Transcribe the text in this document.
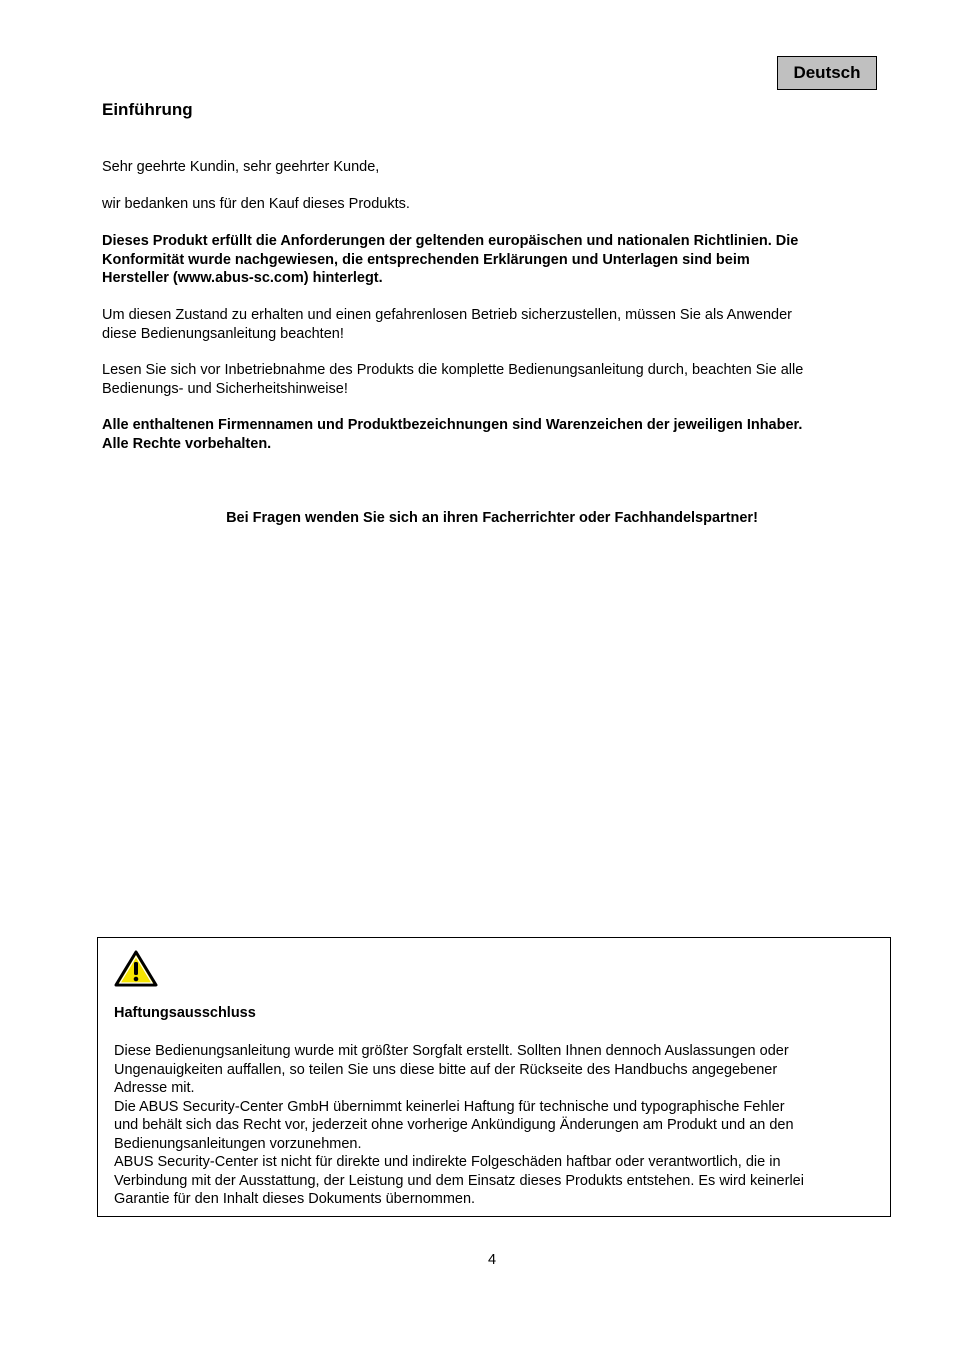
Deutsch
Einführung

Sehr geehrte Kundin, sehr geehrter Kunde,

wir bedanken uns für den Kauf dieses Produkts.

Dieses Produkt erfüllt die Anforderungen der geltenden europäischen und nationalen Richtlinien. Die
Konformität wurde nachgewiesen, die entsprechenden Erklärungen und Unterlagen sind beim
Hersteller (www.abus-sc.com) hinterlegt.

Um diesen Zustand zu erhalten und einen gefahrenlosen Betrieb sicherzustellen, müssen Sie als Anwender
diese Bedienungsanleitung beachten!

Lesen Sie sich vor Inbetriebnahme des Produkts die komplette Bedienungsanleitung durch, beachten Sie alle
Bedienungs- und Sicherheitshinweise!

Alle enthaltenen Firmennamen und Produktbezeichnungen sind Warenzeichen der jeweiligen Inhaber.
Alle Rechte vorbehalten.

Bei Fragen wenden Sie sich an ihren Facherrichter oder Fachhandelspartner!

Haftungsausschluss

Diese Bedienungsanleitung wurde mit größter Sorgfalt erstellt. Sollten Ihnen dennoch Auslassungen oder
Ungenauigkeiten auffallen, so teilen Sie uns diese bitte auf der Rückseite des Handbuchs angegebener
Adresse mit.
Die ABUS Security-Center GmbH übernimmt keinerlei Haftung für technische und typographische Fehler
und behält sich das Recht vor, jederzeit ohne vorherige Ankündigung Änderungen am Produkt und an den
Bedienungsanleitungen vorzunehmen.
ABUS Security-Center ist nicht für direkte und indirekte Folgeschäden haftbar oder verantwortlich, die in
Verbindung mit der Ausstattung, der Leistung und dem Einsatz dieses Produkts entstehen. Es wird keinerlei
Garantie für den Inhalt dieses Dokuments übernommen.

4
